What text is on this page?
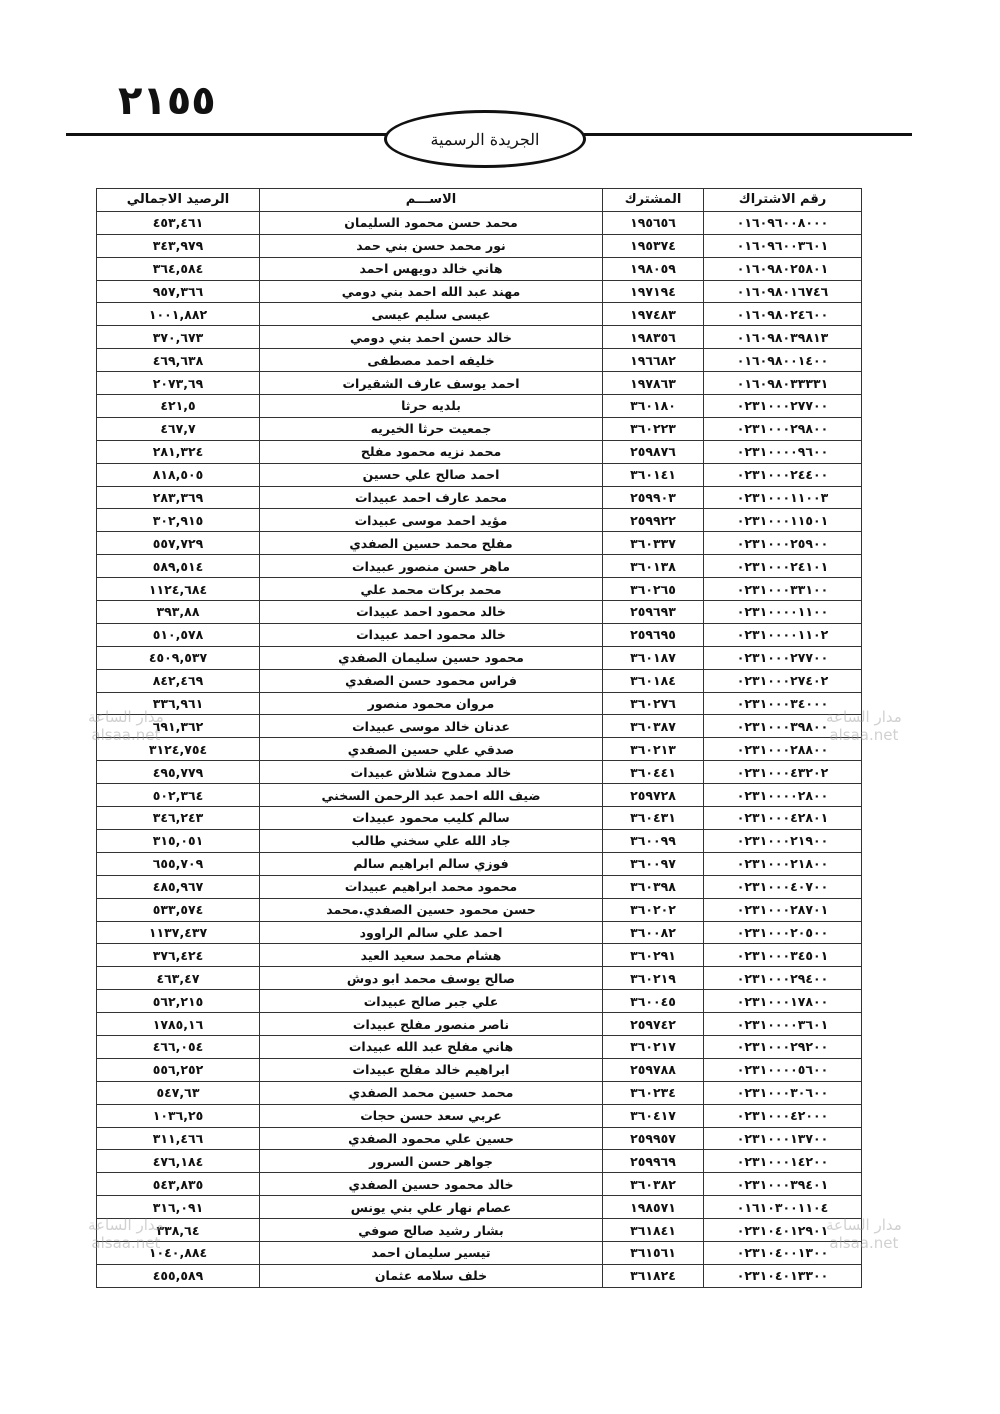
٢١٥٥
الجريدة الرسمية
رقم الاشتراك	المشترك	الاســـم	الرصيد الاجمالي
٠١٦٠٩٦٠٠٨٠٠٠	١٩٥٦٥٦	محمد حسن محمود السليمان	٤٥٣,٤٦١
٠١٦٠٩٦٠٠٣٦٠١	١٩٥٣٧٤	نور محمد حسن بني حمد	٣٤٣,٩٧٩
٠١٦٠٩٨٠٢٥٨٠١	١٩٨٠٥٩	هاني خالد دويهس احمد	٣٦٤,٥٨٤
٠١٦٠٩٨٠١٦٧٤٦	١٩٧١٩٤	مهند عبد الله احمد بني دومي	٩٥٧,٣٦٦
٠١٦٠٩٨٠٢٤٦٠٠	١٩٧٤٨٣	عيسى سليم عيسى	١٠٠١,٨٨٢
٠١٦٠٩٨٠٣٩٨١٣	١٩٨٣٥٦	خالد حسن احمد بني دومي	٣٧٠,٦٧٣
٠١٦٠٩٨٠٠١٤٠٠	١٩٦٦٨٢	خليفه احمد مصطفى	٤٦٩,٦٣٨
٠١٦٠٩٨٠٣٣٣٣١	١٩٧٨٦٣	احمد يوسف عارف الشقيرات	٢٠٧٣,٦٩
٠٢٣١٠٠٠٢٧٧٠٠	٣٦٠١٨٠	بلديه حرثا	٤٢١,٥
٠٢٣١٠٠٠٢٩٨٠٠	٣٦٠٢٢٣	جمعيت حرثا الخيريه	٤٦٧,٧
٠٢٣١٠٠٠٠٩٦٠٠	٢٥٩٨٧٦	محمد نزيه محمود مفلح	٢٨١,٣٢٤
٠٢٣١٠٠٠٢٤٤٠٠	٣٦٠١٤١	احمد صالح علي حسين	٨١٨,٥٠٥
٠٢٣١٠٠٠١١٠٠٣	٢٥٩٩٠٣	محمد عارف احمد عبيدات	٢٨٣,٣٦٩
٠٢٣١٠٠٠١١٥٠١	٢٥٩٩٢٢	مؤيد احمد موسى عبيدات	٣٠٢,٩١٥
٠٢٣١٠٠٠٢٥٩٠٠	٣٦٠٣٣٧	مفلح محمد حسين الصفدي	٥٥٧,٧٢٩
٠٢٣١٠٠٠٢٤١٠١	٣٦٠١٣٨	ماهر حسن منصور عبيدات	٥٨٩,٥١٤
٠٢٣١٠٠٠٣٣١٠٠	٣٦٠٢٦٥	محمد بركات محمد علي	١١٢٤,٦٨٤
٠٢٣١٠٠٠٠١١٠٠	٢٥٩٦٩٣	خالد محمود احمد عبيدات	٣٩٣,٨٨
٠٢٣١٠٠٠٠١١٠٢	٢٥٩٦٩٥	خالد محمود احمد عبيدات	٥١٠,٥٧٨
٠٢٣١٠٠٠٢٧٧٠٠	٣٦٠١٨٧	محمود حسين سليمان الصفدي	٤٥٠٩,٥٣٧
٠٢٣١٠٠٠٢٧٤٠٢	٣٦٠١٨٤	فراس محمود حسن الصفدي	٨٤٢,٤٦٩
٠٢٣١٠٠٠٣٤٠٠٠	٣٦٠٢٧٦	مروان محمود منصور	٣٣٦,٩٦١
٠٢٣١٠٠٠٣٩٨٠٠	٣٦٠٣٨٧	عدنان خالد موسى عبيدات	٦٩١,٣٦٢
٠٢٣١٠٠٠٢٨٨٠٠	٣٦٠٢١٣	صدقي علي حسين الصفدي	٣١٢٤,٧٥٤
٠٢٣١٠٠٠٤٣٢٠٢	٣٦٠٤٤١	خالد ممدوح شلاش عبيدات	٤٩٥,٧٧٩
٠٢٣١٠٠٠٠٢٨٠٠	٢٥٩٧٢٨	ضيف الله احمد عبد الرحمن السخني	٥٠٢,٣٦٤
٠٢٣١٠٠٠٤٢٨٠١	٣٦٠٤٣١	سالم كليب محمود عبيدات	٣٤٦,٢٤٣
٠٢٣١٠٠٠٢١٩٠٠	٣٦٠٠٩٩	جاد الله علي سخني طالب	٣١٥,٠٥١
٠٢٣١٠٠٠٢١٨٠٠	٣٦٠٠٩٧	فوزي سالم ابراهيم سالم	٦٥٥,٧٠٩
٠٢٣١٠٠٠٤٠٧٠٠	٣٦٠٣٩٨	محمود محمد ابراهيم عبيدات	٤٨٥,٩٦٧
٠٢٣١٠٠٠٢٨٧٠١	٣٦٠٢٠٢	حسن محمود حسين الصفدي.محمد	٥٣٣,٥٧٤
٠٢٣١٠٠٠٢٠٥٠٠	٣٦٠٠٨٢	احمد علي سالم الراوود	١١٣٧,٤٣٧
٠٢٣١٠٠٠٣٤٥٠١	٣٦٠٢٩١	هشام محمد سعيد العيد	٣٧٦,٤٢٤
٠٢٣١٠٠٠٢٩٤٠٠	٣٦٠٢١٩	صالح يوسف محمد ابو دوش	٤٦٣,٤٧
٠٢٣١٠٠٠١٧٨٠٠	٣٦٠٠٤٥	علي جبر صالح عبيدات	٥٦٢,٢١٥
٠٢٣١٠٠٠٠٣٦٠١	٢٥٩٧٤٢	ناصر منصور مفلح عبيدات	١٧٨٥,١٦
٠٢٣١٠٠٠٢٩٢٠٠	٣٦٠٢١٧	هاني مفلح عبد الله عبيدات	٤٦٦,٠٥٤
٠٢٣١٠٠٠٠٥٦٠٠	٢٥٩٧٨٨	ابراهيم خالد مفلح عبيدات	٥٥٦,٢٥٢
٠٢٣١٠٠٠٣٠٦٠٠	٣٦٠٢٣٤	محمد حسين محمد الصفدي	٥٤٧,٦٣
٠٢٣١٠٠٠٤٢٠٠٠	٣٦٠٤١٧	عربي سعد حسن حجات	١٠٣٦,٢٥
٠٢٣١٠٠٠١٣٧٠٠	٢٥٩٩٥٧	حسين علي محمود الصفدي	٣١١,٤٦٦
٠٢٣١٠٠٠١٤٢٠٠	٢٥٩٩٦٩	جواهر حسن السرور	٤٧٦,١٨٤
٠٢٣١٠٠٠٣٩٤٠١	٣٦٠٣٨٢	خالد محمود حسين الصفدي	٥٤٣,٨٣٥
٠١٦١٠٣٠٠١١٠٤	١٩٨٥٧١	عصام نهار علي بني يونس	٣١٦,٠٩١
٠٢٣١٠٤٠١٢٩٠١	٣٦١٨٤١	بشار رشيد صالح صوفي	٣٣٨,٦٤
٠٢٣١٠٤٠٠١٣٠٠	٣٦١٥٦١	تيسير سليمان احمد	١٠٤٠,٨٨٤
٠٢٣١٠٤٠١٣٣٠٠	٣٦١٨٢٤	خلف سلامه عثمان	٤٥٥,٥٨٩
مدار الساعة
alsaa.net
مدار الساعة
alsaa.net
مدار الساعة
alsaa.net
مدار الساعة
alsaa.net
